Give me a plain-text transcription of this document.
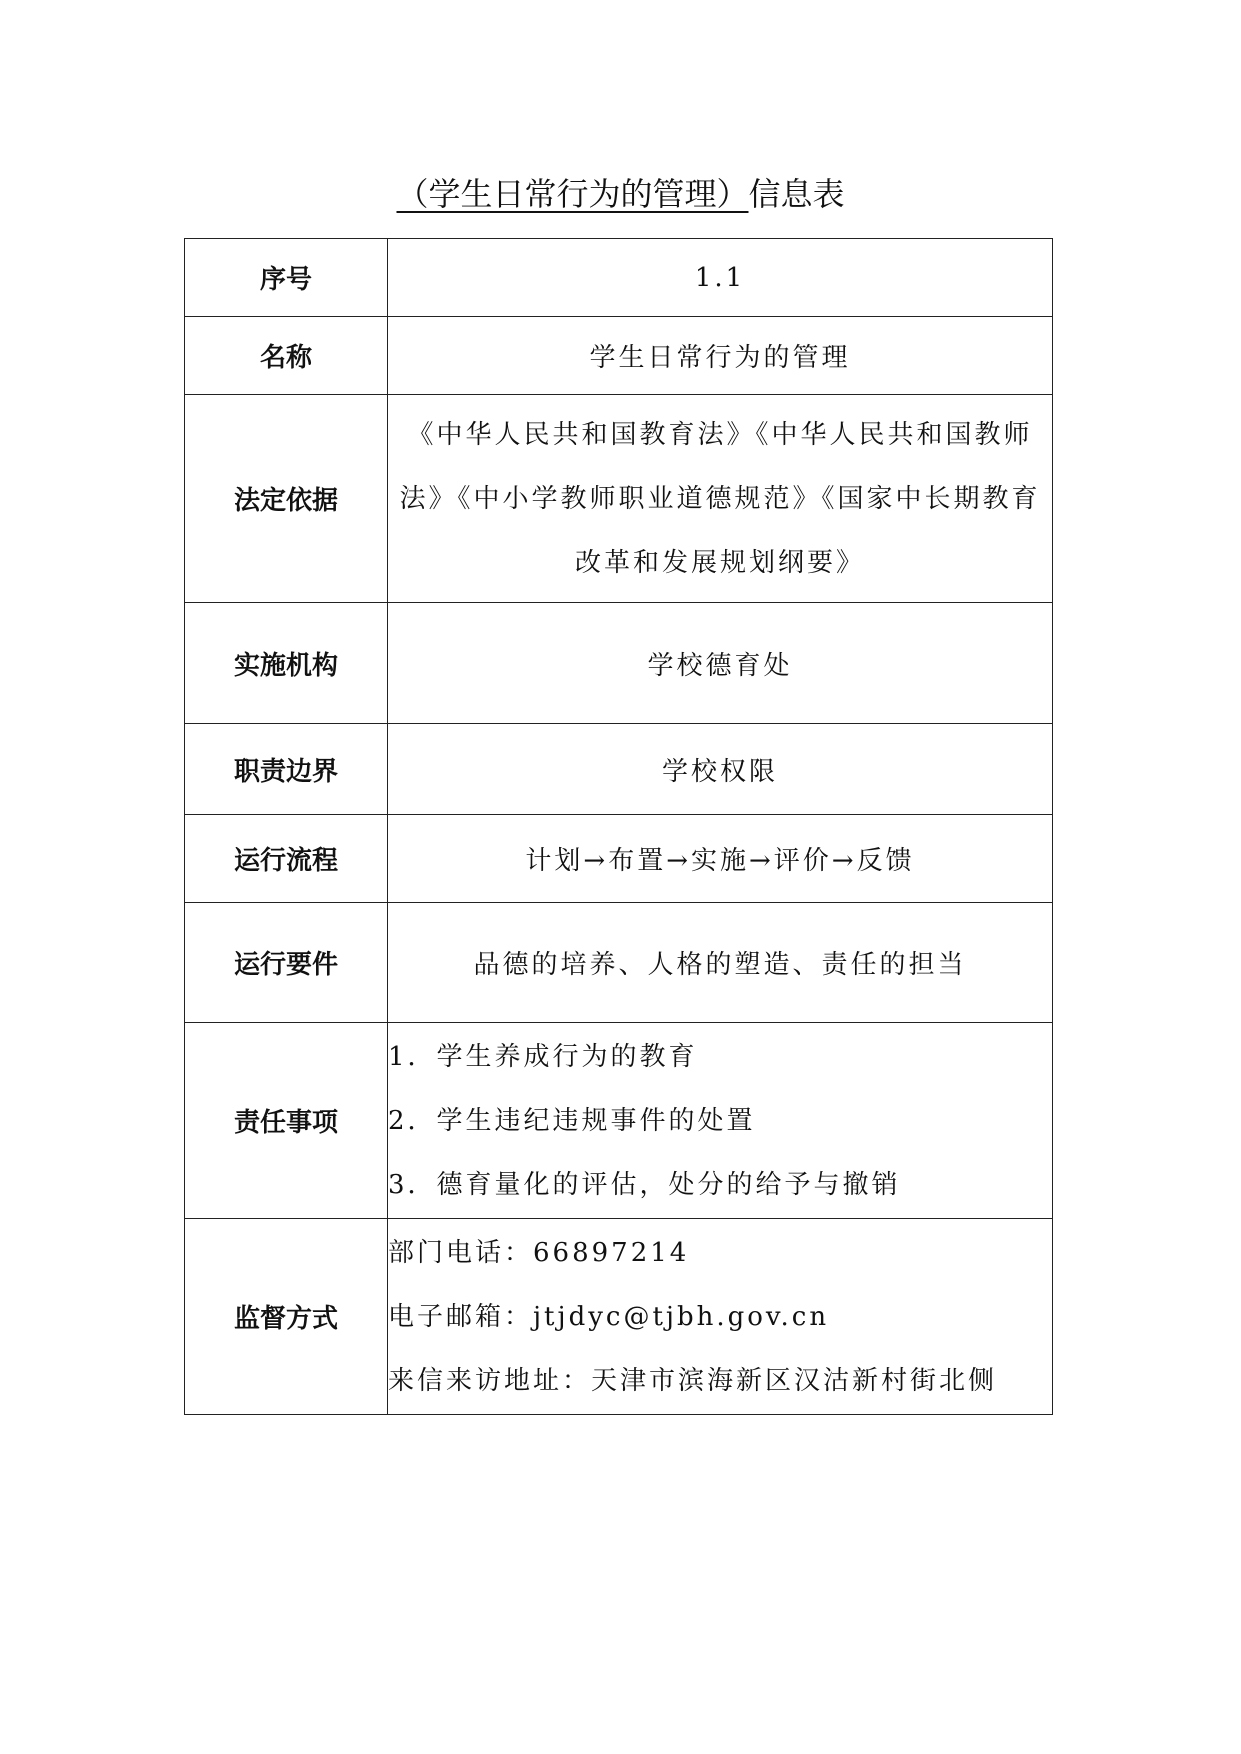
（学生日常行为的管理）信息表
序号	1.1
名称	学生日常行为的管理
法定依据	《中华人民共和国教育法》《中华人民共和国教师法》《中小学教师职业道德规范》《国家中长期教育改革和发展规划纲要》
实施机构	学校德育处
职责边界	学校权限
运行流程	计划→布置→实施→评价→反馈
运行要件	品德的培养、人格的塑造、责任的担当
责任事项	1．学生养成行为的教育
2．学生违纪违规事件的处置
3．德育量化的评估，处分的给予与撤销

监督方式	部门电话：66897214
电子邮箱：jtjdyc@tjbh.gov.cn
来信来访地址：天津市滨海新区汉沽新村街北侧
